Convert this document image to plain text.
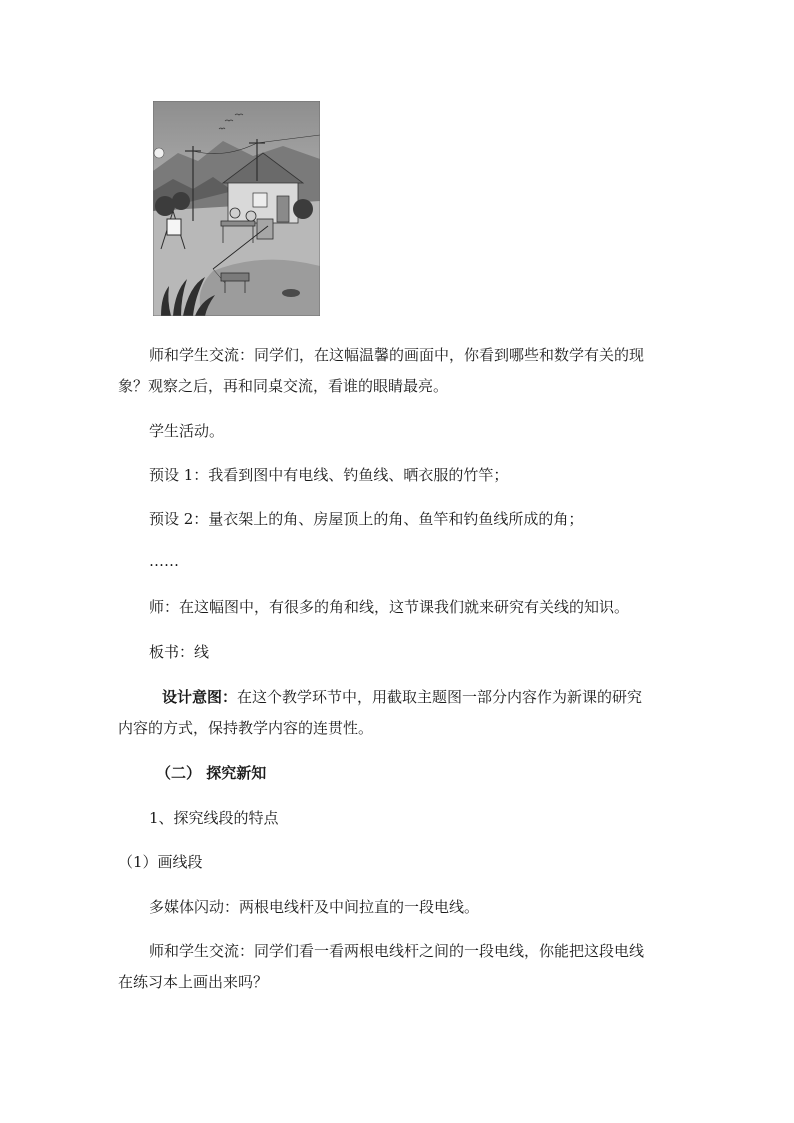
师和学生交流：同学们，在这幅温馨的画面中，你看到哪些和数学有关的现
象？观察之后，再和同桌交流，看谁的眼睛最亮。
学生活动。
预设 1：我看到图中有电线、钓鱼线、晒衣服的竹竿；
预设 2：量衣架上的角、房屋顶上的角、鱼竿和钓鱼线所成的角；
……
师：在这幅图中，有很多的角和线，这节课我们就来研究有关线的知识。
板书：线
设计意图：在这个教学环节中，用截取主题图一部分内容作为新课的研究
内容的方式，保持教学内容的连贯性。
（二） 探究新知
1、探究线段的特点
（1）画线段
多媒体闪动：两根电线杆及中间拉直的一段电线。
师和学生交流：同学们看一看两根电线杆之间的一段电线，你能把这段电线
在练习本上画出来吗？
